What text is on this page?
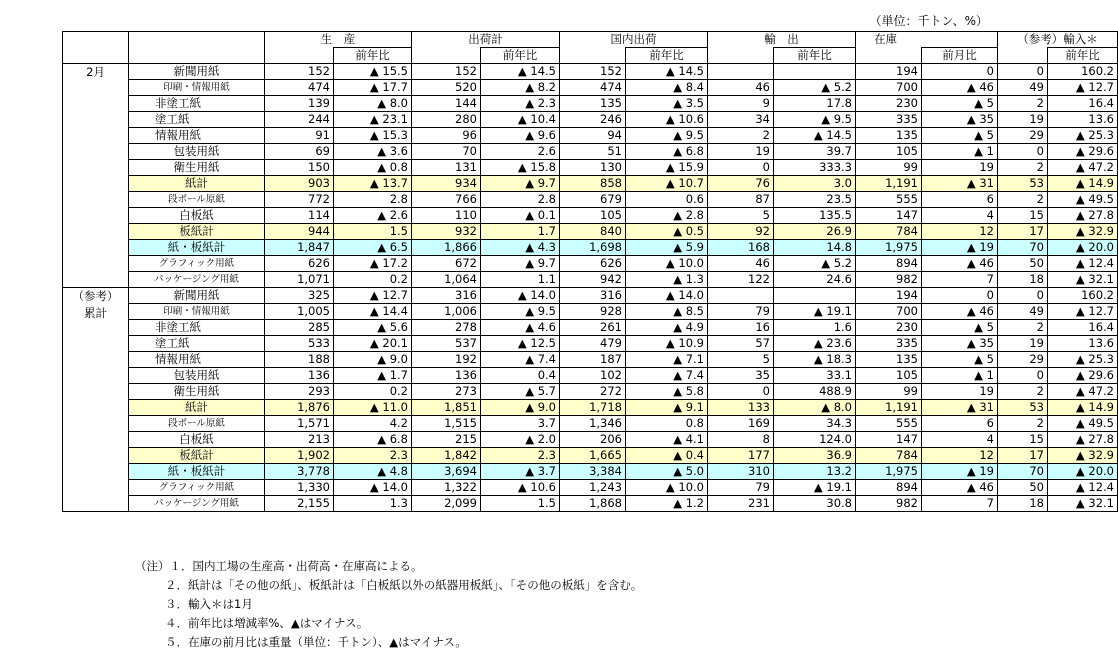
（単位：千トン、%）
		生　産		出荷計		国内出荷		輸　出		在庫		（参考）輸入＊	
			前年比		前年比		前年比		前年比		前月比		前年比

2月	新聞用紙	152	▲ 15.5	152	▲ 14.5	152	▲ 14.5			194	0	0	160.2
	印刷・情報用紙	474	▲ 17.7	520	▲ 8.2	474	▲ 8.4	46	▲ 5.2	700	▲ 46	49	▲ 12.7
	非塗工紙	139	▲ 8.0	144	▲ 2.3	135	▲ 3.5	9	17.8	230	▲ 5	2	16.4
	塗工紙	244	▲ 23.1	280	▲ 10.4	246	▲ 10.6	34	▲ 9.5	335	▲ 35	19	13.6
	情報用紙	91	▲ 15.3	96	▲ 9.6	94	▲ 9.5	2	▲ 14.5	135	▲ 5	29	▲ 25.3
	包装用紙	69	▲ 3.6	70	2.6	51	▲ 6.8	19	39.7	105	▲ 1	0	▲ 29.6
	衛生用紙	150	▲ 0.8	131	▲ 15.8	130	▲ 15.9	0	333.3	99	19	2	▲ 47.2
	紙計	903	▲ 13.7	934	▲ 9.7	858	▲ 10.7	76	3.0	1,191	▲ 31	53	▲ 14.9
	段ボール原紙	772	2.8	766	2.8	679	0.6	87	23.5	555	6	2	▲ 49.5
	白板紙	114	▲ 2.6	110	▲ 0.1	105	▲ 2.8	5	135.5	147	4	15	▲ 27.8
	板紙計	944	1.5	932	1.7	840	▲ 0.5	92	26.9	784	12	17	▲ 32.9
	紙・板紙計	1,847	▲ 6.5	1,866	▲ 4.3	1,698	▲ 5.9	168	14.8	1,975	▲ 19	70	▲ 20.0
	グラフィック用紙	626	▲ 17.2	672	▲ 9.7	626	▲ 10.0	46	▲ 5.2	894	▲ 46	50	▲ 12.4
	パッケージング用紙	1,071	0.2	1,064	1.1	942	▲ 1.3	122	24.6	982	7	18	▲ 32.1

（参考）
累計	新聞用紙	325	▲ 12.7	316	▲ 14.0	316	▲ 14.0			194	0	0	160.2
	印刷・情報用紙	1,005	▲ 14.4	1,006	▲ 9.5	928	▲ 8.5	79	▲ 19.1	700	▲ 46	49	▲ 12.7
	非塗工紙	285	▲ 5.6	278	▲ 4.6	261	▲ 4.9	16	1.6	230	▲ 5	2	16.4
	塗工紙	533	▲ 20.1	537	▲ 12.5	479	▲ 10.9	57	▲ 23.6	335	▲ 35	19	13.6
	情報用紙	188	▲ 9.0	192	▲ 7.4	187	▲ 7.1	5	▲ 18.3	135	▲ 5	29	▲ 25.3
	包装用紙	136	▲ 1.7	136	0.4	102	▲ 7.4	35	33.1	105	▲ 1	0	▲ 29.6
	衛生用紙	293	0.2	273	▲ 5.7	272	▲ 5.8	0	488.9	99	19	2	▲ 47.2
	紙計	1,876	▲ 11.0	1,851	▲ 9.0	1,718	▲ 9.1	133	▲ 8.0	1,191	▲ 31	53	▲ 14.9
	段ボール原紙	1,571	4.2	1,515	3.7	1,346	0.8	169	34.3	555	6	2	▲ 49.5
	白板紙	213	▲ 6.8	215	▲ 2.0	206	▲ 4.1	8	124.0	147	4	15	▲ 27.8
	板紙計	1,902	2.3	1,842	2.3	1,665	▲ 0.4	177	36.9	784	12	17	▲ 32.9
	紙・板紙計	3,778	▲ 4.8	3,694	▲ 3.7	3,384	▲ 5.0	310	13.2	1,975	▲ 19	70	▲ 20.0
	グラフィック用紙	1,330	▲ 14.0	1,322	▲ 10.6	1,243	▲ 10.0	79	▲ 19.1	894	▲ 46	50	▲ 12.4
	パッケージング用紙	2,155	1.3	2,099	1.5	1,868	▲ 1.2	231	30.8	982	7	18	▲ 32.1
（注）１．国内工場の生産高・出荷高・在庫高による。
２．紙計は「その他の紙」、板紙計は「白板紙以外の紙器用板紙」、「その他の板紙」を含む。
３．輸入＊は1月
４．前年比は増減率%、▲はマイナス。
５．在庫の前月比は重量（単位：千トン）、▲はマイナス。
